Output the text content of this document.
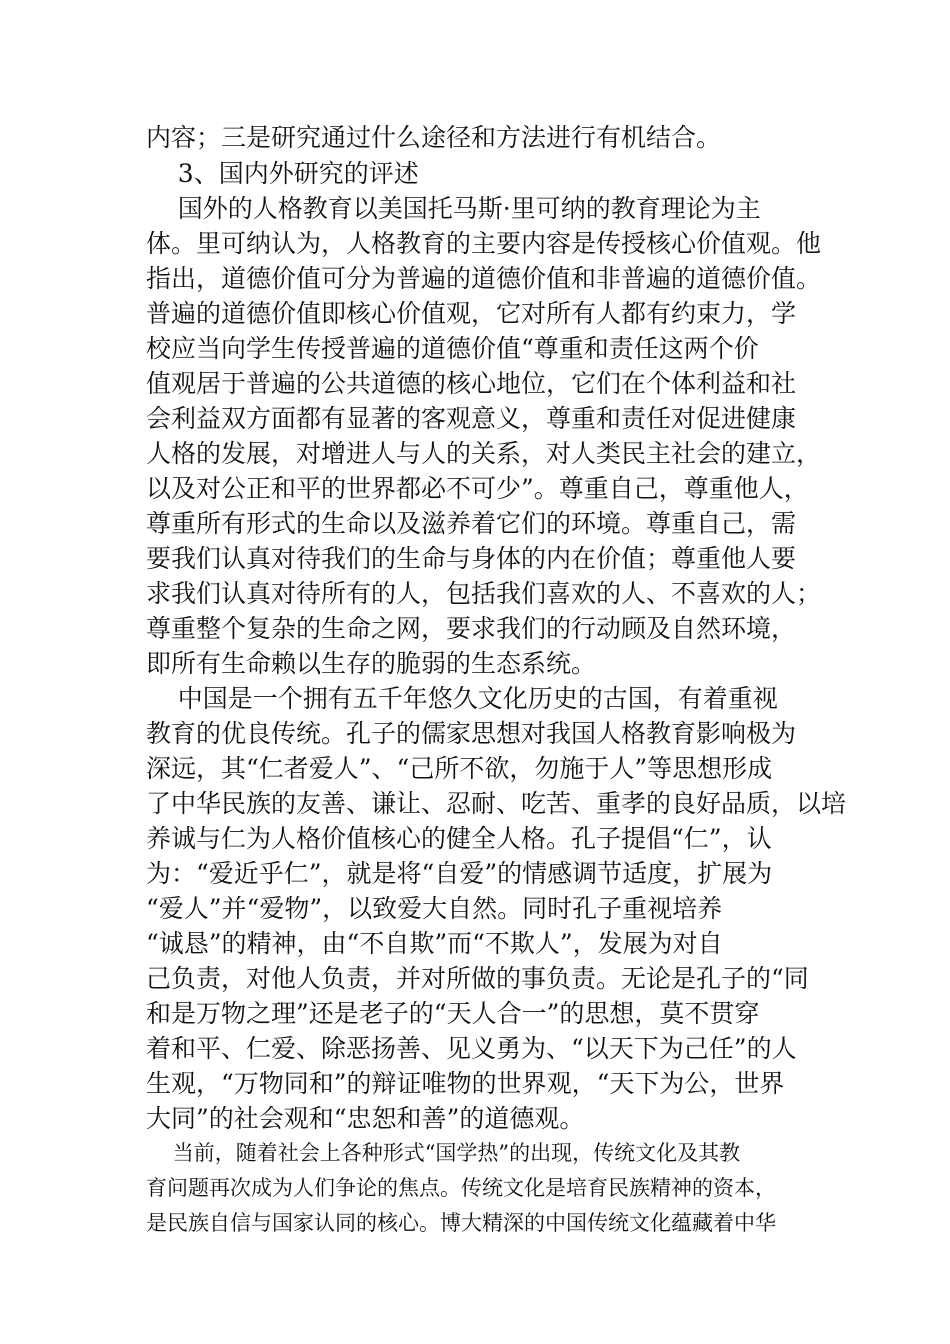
内容；三是研究通过什么途径和方法进行有机结合。
3、国内外研究的评述
国外的人格教育以美国托马斯·里可纳的教育理论为主
体。里可纳认为，人格教育的主要内容是传授核心价值观。他
指出，道德价值可分为普遍的道德价值和非普遍的道德价值。
普遍的道德价值即核心价值观，它对所有人都有约束力，学
校应当向学生传授普遍的道德价值“尊重和责任这两个价
值观居于普遍的公共道德的核心地位，它们在个体利益和社
会利益双方面都有显著的客观意义，尊重和责任对促进健康
人格的发展，对增进人与人的关系，对人类民主社会的建立，
以及对公正和平的世界都必不可少”。尊重自己，尊重他人，
尊重所有形式的生命以及滋养着它们的环境。尊重自己，需
要我们认真对待我们的生命与身体的内在价值；尊重他人要
求我们认真对待所有的人，包括我们喜欢的人、不喜欢的人；
尊重整个复杂的生命之网，要求我们的行动顾及自然环境，
即所有生命赖以生存的脆弱的生态系统。
中国是一个拥有五千年悠久文化历史的古国，有着重视
教育的优良传统。孔子的儒家思想对我国人格教育影响极为
深远，其“仁者爱人”、“己所不欲，勿施于人”等思想形成
了中华民族的友善、谦让、忍耐、吃苦、重孝的良好品质，以培
养诚与仁为人格价值核心的健全人格。孔子提倡“仁”，认
为：“爱近乎仁”，就是将“自爱”的情感调节适度，扩展为
“爱人”并“爱物”，以致爱大自然。同时孔子重视培养
“诚恳”的精神，由“不自欺”而“不欺人”，发展为对自
己负责，对他人负责，并对所做的事负责。无论是孔子的“同
和是万物之理”还是老子的“天人合一”的思想，莫不贯穿
着和平、仁爱、除恶扬善、见义勇为、“以天下为己任”的人
生观，“万物同和”的辩证唯物的世界观，“天下为公，世界
大同”的社会观和“忠恕和善”的道德观。
当前，随着社会上各种形式“国学热”的出现，传统文化及其教
育问题再次成为人们争论的焦点。传统文化是培育民族精神的资本，
是民族自信与国家认同的核心。博大精深的中国传统文化蕴藏着中华
